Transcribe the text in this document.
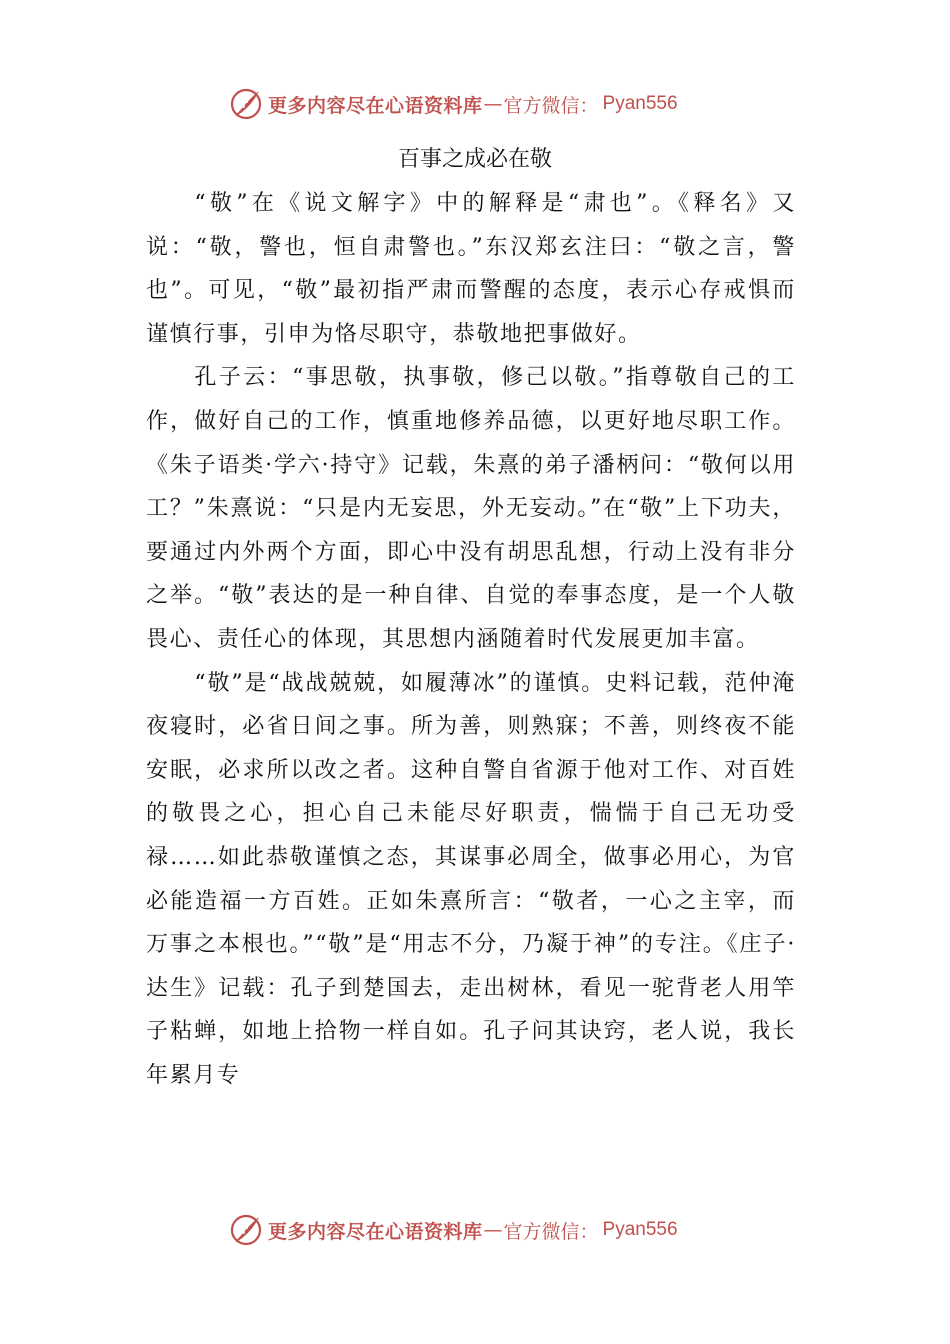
更多内容尽在心语资料库 — 官方微信： Pyan556
百事之成必在敬

“敬”在《说文解字》中的解释是“肃也”。《释名》又说：“敬，警也，恒自肃警也。”东汉郑玄注曰：“敬之言，警也”。可见，“敬”最初指严肃而警醒的态度，表示心存戒惧而谨慎行事，引申为恪尽职守，恭敬地把事做好。

孔子云：“事思敬，执事敬，修己以敬。”指尊敬自己的工作，做好自己的工作，慎重地修养品德，以更好地尽职工作。《朱子语类·学六·持守》记载，朱熹的弟子潘柄问：“敬何以用工？”朱熹说：“只是内无妄思，外无妄动。”在“敬”上下功夫，要通过内外两个方面，即心中没有胡思乱想，行动上没有非分之举。“敬”表达的是一种自律、自觉的奉事态度，是一个人敬畏心、责任心的体现，其思想内涵随着时代发展更加丰富。

“敬”是“战战兢兢，如履薄冰”的谨慎。史料记载，范仲淹夜寝时，必省日间之事。所为善，则熟寐；不善，则终夜不能安眠，必求所以改之者。这种自警自省源于他对工作、对百姓的敬畏之心，担心自己未能尽好职责，惴惴于自己无功受禄……如此恭敬谨慎之态，其谋事必周全，做事必用心，为官必能造福一方百姓。正如朱熹所言：“敬者，一心之主宰，而万事之本根也。”“敬”是“用志不分，乃凝于神”的专注。《庄子·达生》记载：孔子到楚国去，走出树林，看见一驼背老人用竿子粘蝉，如地上拾物一样自如。孔子问其诀窍，老人说，我长年累月专

更多内容尽在心语资料库 — 官方微信： Pyan556
